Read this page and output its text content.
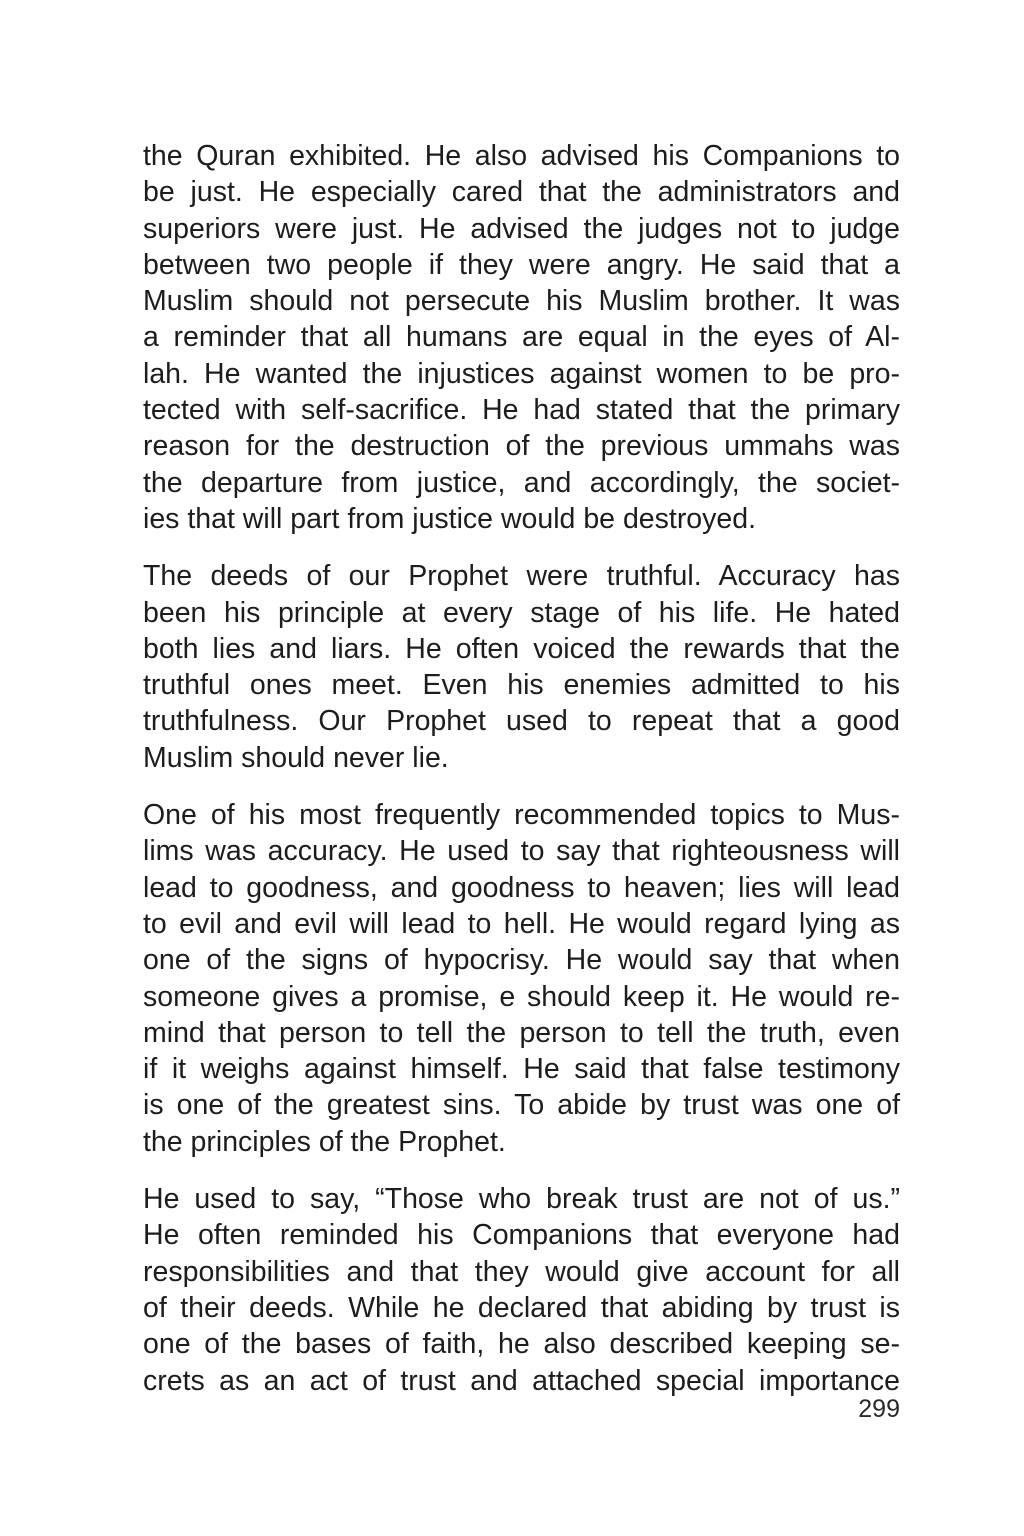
the Quran exhibited. He also advised his Companions to
be just. He especially cared that the administrators and
superiors were just. He advised the judges not to judge
between two people if they were angry. He said that a
Muslim should not persecute his Muslim brother. It was
a reminder that all humans are equal in the eyes of Al-
lah. He wanted the injustices against women to be pro-
tected with self-sacrifice. He had stated that the primary
reason for the destruction of the previous ummahs was
the departure from justice, and accordingly, the societ-
ies that will part from justice would be destroyed.

The deeds of our Prophet were truthful. Accuracy has
been his principle at every stage of his life. He hated
both lies and liars. He often voiced the rewards that the
truthful ones meet. Even his enemies admitted to his
truthfulness. Our Prophet used to repeat that a good
Muslim should never lie.

One of his most frequently recommended topics to Mus-
lims was accuracy. He used to say that righteousness will
lead to goodness, and goodness to heaven; lies will lead
to evil and evil will lead to hell. He would regard lying as
one of the signs of hypocrisy. He would say that when
someone gives a promise, e should keep it. He would re-
mind that person to tell the person to tell the truth, even
if it weighs against himself. He said that false testimony
is one of the greatest sins. To abide by trust was one of
the principles of the Prophet.

He used to say, “Those who break trust are not of us.”
He often reminded his Companions that everyone had
responsibilities and that they would give account for all
of their deeds. While he declared that abiding by trust is
one of the bases of faith, he also described keeping se-
crets as an act of trust and attached special importance

299
